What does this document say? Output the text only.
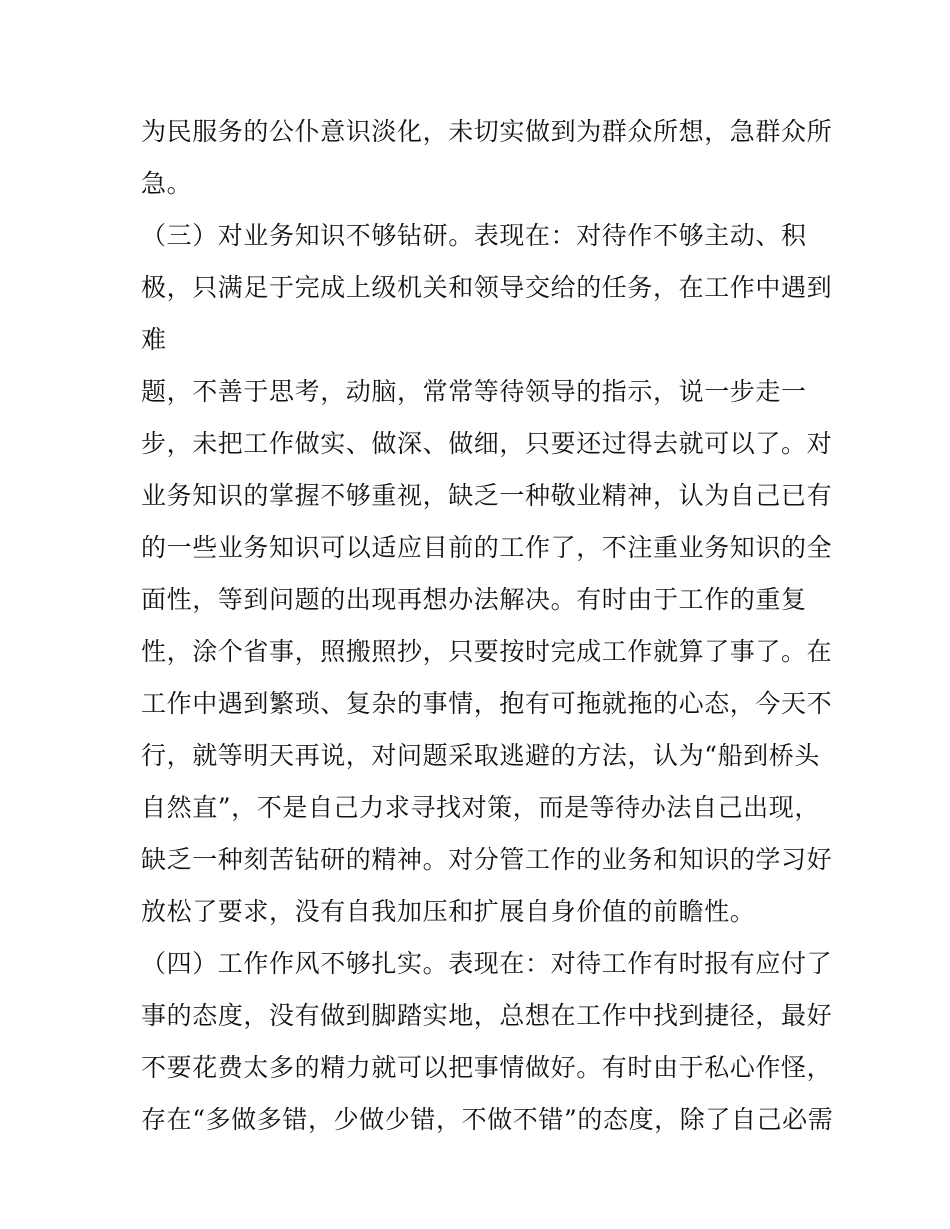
为民服务的公仆意识淡化，未切实做到为群众所想，急群众所
急。
（三）对业务知识不够钻研。表现在：对待作不够主动、积
极，只满足于完成上级机关和领导交给的任务，在工作中遇到
难
题，不善于思考，动脑，常常等待领导的指示，说一步走一
步，未把工作做实、做深、做细，只要还过得去就可以了。对
业务知识的掌握不够重视，缺乏一种敬业精神，认为自己已有
的一些业务知识可以适应目前的工作了，不注重业务知识的全
面性，等到问题的出现再想办法解决。有时由于工作的重复
性，涂个省事，照搬照抄，只要按时完成工作就算了事了。在
工作中遇到繁琐、复杂的事情，抱有可拖就拖的心态，今天不
行，就等明天再说，对问题采取逃避的方法，认为“船到桥头
自然直”，不是自己力求寻找对策，而是等待办法自己出现，
缺乏一种刻苦钻研的精神。对分管工作的业务和知识的学习好
放松了要求，没有自我加压和扩展自身价值的前瞻性。
（四）工作作风不够扎实。表现在：对待工作有时报有应付了
事的态度，没有做到脚踏实地，总想在工作中找到捷径，最好
不要花费太多的精力就可以把事情做好。有时由于私心作怪，
存在“多做多错，少做少错，不做不错”的态度，除了自己必需
